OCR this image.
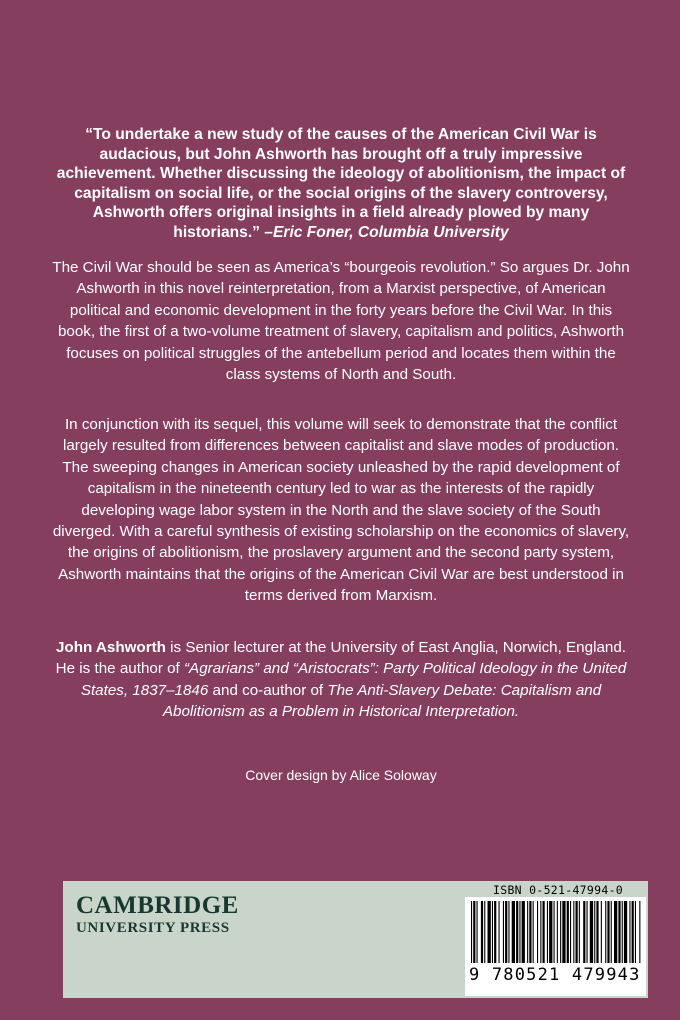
“To undertake a new study of the causes of the American Civil War is audacious, but John Ashworth has brought off a truly impressive achievement. Whether discussing the ideology of abolitionism, the impact of capitalism on social life, or the social origins of the slavery controversy, Ashworth offers original insights in a field already plowed by many historians.” –Eric Foner, Columbia University
The Civil War should be seen as America’s “bourgeois revolution.” So argues Dr. John Ashworth in this novel reinterpretation, from a Marxist perspective, of American political and economic development in the forty years before the Civil War. In this book, the first of a two-volume treatment of slavery, capitalism and politics, Ashworth focuses on political struggles of the antebellum period and locates them within the class systems of North and South.
In conjunction with its sequel, this volume will seek to demonstrate that the conflict largely resulted from differences between capitalist and slave modes of production. The sweeping changes in American society unleashed by the rapid development of capitalism in the nineteenth century led to war as the interests of the rapidly developing wage labor system in the North and the slave society of the South diverged. With a careful synthesis of existing scholarship on the economics of slavery, the origins of abolitionism, the proslavery argument and the second party system, Ashworth maintains that the origins of the American Civil War are best understood in terms derived from Marxism.
John Ashworth is Senior lecturer at the University of East Anglia, Norwich, England. He is the author of “Agrarians” and “Aristocrats”: Party Political Ideology in the United States, 1837–1846 and co-author of The Anti-Slavery Debate: Capitalism and Abolitionism as a Problem in Historical Interpretation.
Cover design by Alice Soloway
CAMBRIDGE
UNIVERSITY PRESS
ISBN 0-521-47994-0
9 780521 479943
